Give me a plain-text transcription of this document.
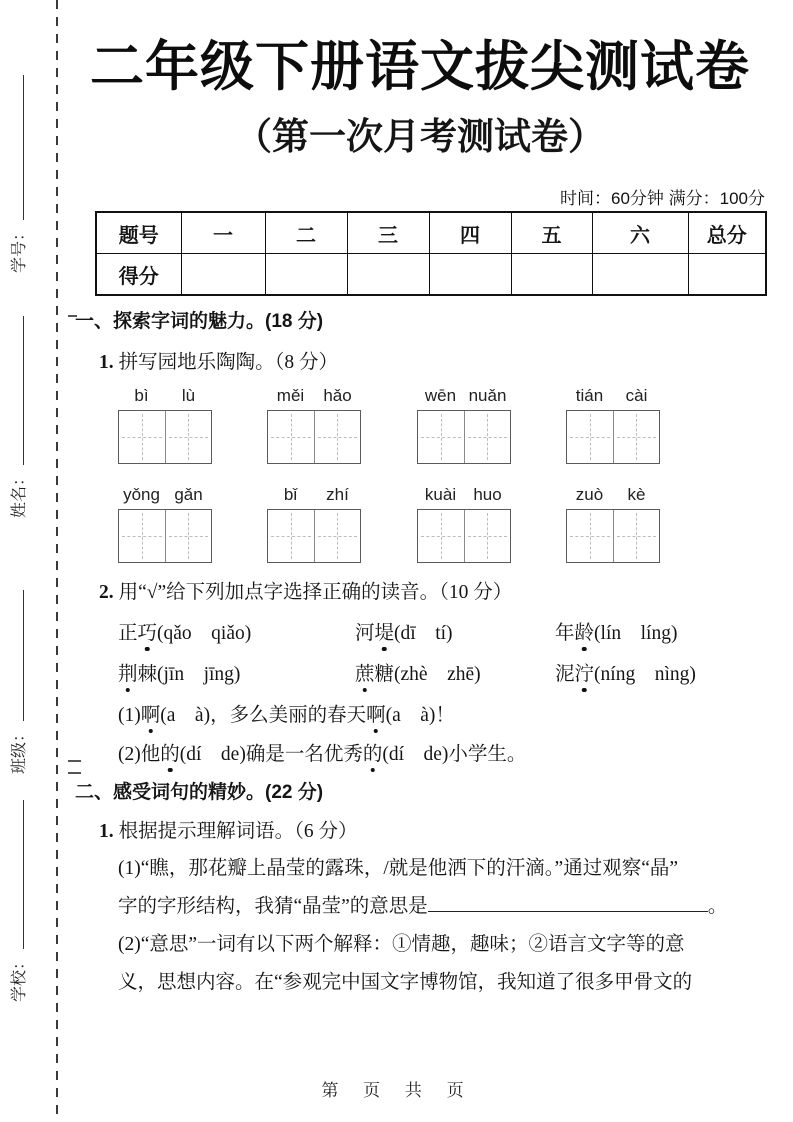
学号：
姓名：
班级：
学校：
二年级下册语文拔尖测试卷
（第一次月考测试卷）
时间：60分钟 满分：100分
题号	一	二	三	四	五	六	总分
得分							
一、探索字词的魅力。(18 分)
1. 拼写园地乐陶陶。（8 分）
bì	lù	měi	hǎo	wēn nuǎn	tián	cài
yǒng gǎn	bǐ	zhí	kuài	huo	zuò	kè
2. 用“√”给下列加点字选择正确的读音。（10 分）
正巧(qǎo　qiǎo)	河堤(dī　tí)	年龄(lín　líng)
荆棘(jīn　jīng)	蔗糖(zhè　zhē)	泥泞(níng　nìng)
(1)啊(a　à)，多么美丽的春天啊(a　à)！
(2)他的(dí　de)确是一名优秀的(dí　de)小学生。
二、感受词句的精妙。(22 分)
1. 根据提示理解词语。（6 分）
(1)“瞧，那花瓣上晶莹的露珠，/就是他洒下的汗滴。”通过观察“晶”
字的字形结构，我猜“晶莹”的意思是	。
(2)“意思”一词有以下两个解释：①情趣，趣味；②语言文字等的意
义，思想内容。在“参观完中国文字博物馆，我知道了很多甲骨文的
第 页 共 页
